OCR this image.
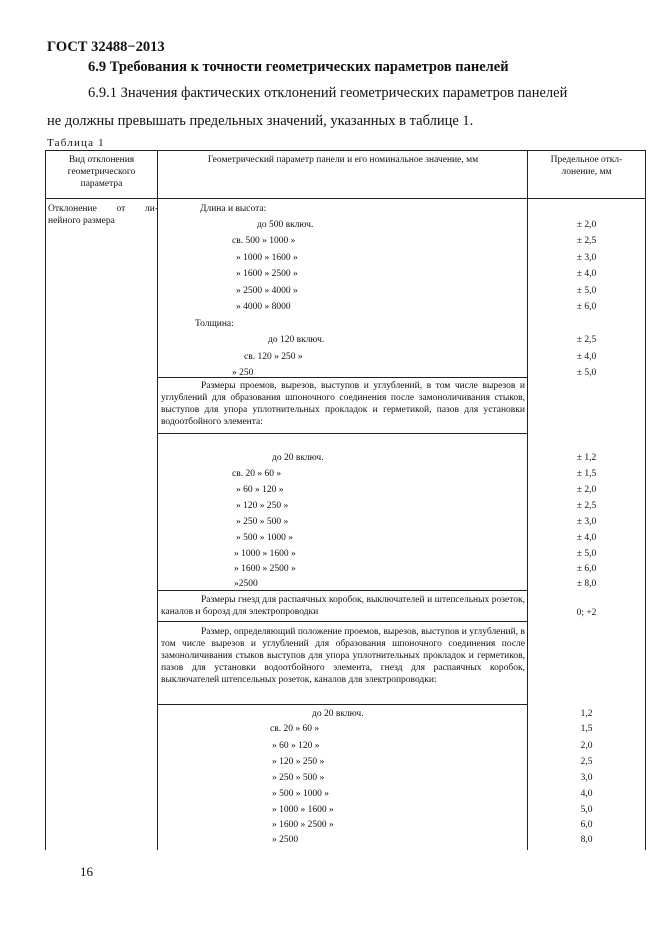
ГОСТ 32488−2013
6.9 Требования к точности геометрических параметров панелей
6.9.1 Значения фактических отклонений геометрических параметров панелей
не должны превышать предельных значений, указанных в таблице 1.
Таблица 1
Вид отклонения
геометрического
параметра
Геометрический параметр панели и его номинальное значение, мм	Предельное откл-
лонение, мм
Отклонение от ли-
нейного размера
Длина и высота:
до 500 включ.	± 2,0
св. 500 » 1000 »	± 2,5
» 1000 » 1600 »	± 3,0
» 1600 » 2500 »	± 4,0
» 2500 » 4000 »	± 5,0
» 4000 » 8000	± 6,0
Толщина:
до 120 включ.	± 2,5
св. 120 » 250 »	± 4,0
» 250	± 5,0
Размеры проемов, вырезов, выступов и углублений, в том числе вырезов и углублений для образования шпоночного соединения после замоноличивания стыков, выступов для упора уплотнительных прокладок и герметикой, пазов для установки водоотбойного элемента:
до 20 включ.	± 1,2
св. 20 » 60 »	± 1,5
» 60 » 120 »	± 2,0
» 120 » 250 »	± 2,5
» 250 » 500 »	± 3,0
» 500 » 1000 »	± 4,0
» 1000 » 1600 »	± 5,0
» 1600 » 2500 »	± 6,0
»2500	± 8,0
Размеры гнезд для распаячных коробок, выключателей и штепсельных розеток, каналов и борозд для электропроводки	0; +2
Размер, определяющий положение проемов, вырезов, выступов и углублений, в том числе вырезов и углублений для образования шпоночного соединения после замоноличивания стыков выступов для упора уплотнительных прокладок и герметиков, пазов для установки водоотбойного элемента, гнезд для распаячных коробок, выключателей штепсельных розеток, каналов для электропроводки:
до 20 включ.	1,2
св. 20 » 60 »	1,5
» 60 » 120 »	2,0
» 120 » 250 »	2,5
» 250 » 500 »	3,0
» 500 » 1000 »	4,0
» 1000 » 1600 »	5,0
» 1600 » 2500 »	6,0
» 2500	8,0
16
